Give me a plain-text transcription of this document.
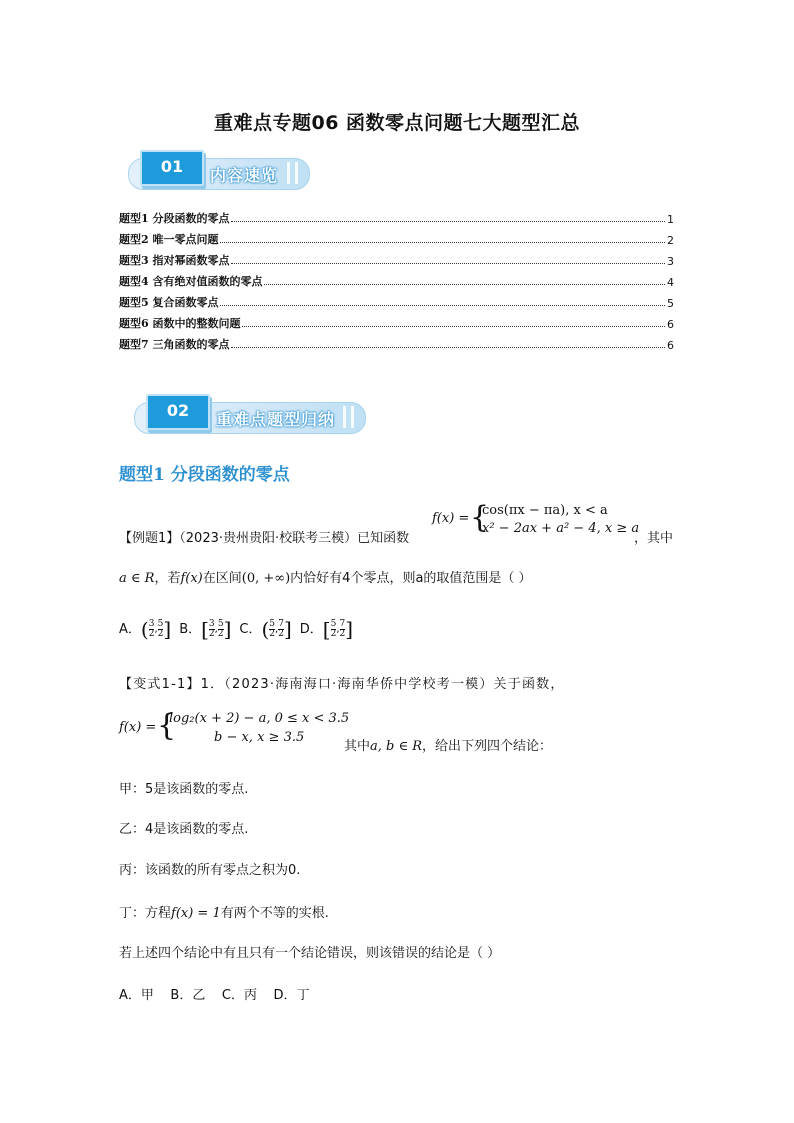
重难点专题06 函数零点问题七大题型汇总
01	内容速览
题型1 分段函数的零点	1
题型2 唯一零点问题	2
题型3 指对幂函数零点	3
题型4 含有绝对值函数的零点	4
题型5 复合函数零点	5
题型6 函数中的整数问题	6
题型7 三角函数的零点	6
02	重难点题型归纳
题型1 分段函数的零点
【例题1】（2023·贵州贵阳·校联考三模）已知函数
f(x) = {
cos(πx − πa), x < a
x² − 2ax + a² − 4, x ≥ a
，其中
a ∈ R，若f(x)在区间(0, +∞)内恰好有4个零点，则a的取值范围是（ ）
A．( $\frac{3}{2}$ , $\frac{5}{2}$ ] B．[ $\frac{3}{2}$ , $\frac{5}{2}$ ] C．( $\frac{5}{2}$ , $\frac{7}{2}$ ] D．[ $\frac{5}{2}$ , $\frac{7}{2}$ ]
【变式1-1】1．（2023·海南海口·海南华侨中学校考一模）关于函数，
f(x) = {
log₂(x + 2) − a, 0 ≤ x < 3.5
b − x, x ≥ 3.5
其中a, b ∈ R，给出下列四个结论：
甲：5是该函数的零点.
乙：4是该函数的零点.
丙：该函数的所有零点之积为0.
丁：方程f(x) = 1有两个不等的实根.
若上述四个结论中有且只有一个结论错误，则该错误的结论是（ ）
A．甲    B．乙    C．丙    D．丁
